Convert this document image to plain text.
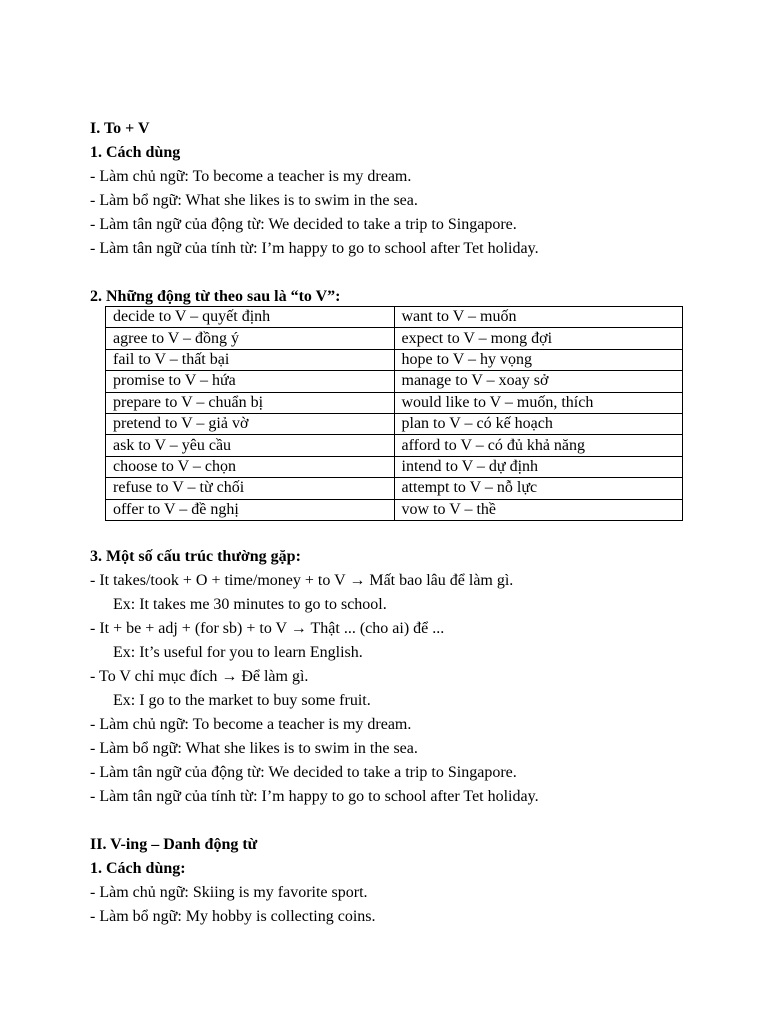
I. To + V
1. Cách dùng
- Làm chủ ngữ: To become a teacher is my dream.
- Làm bổ ngữ: What she likes is to swim in the sea.
- Làm tân ngữ của động từ: We decided to take a trip to Singapore.
- Làm tân ngữ của tính từ: I’m happy to go to school after Tet holiday.
2. Những động từ theo sau là “to V”:
decide to V – quyết định	want to V – muốn
agree to V – đồng ý	expect to V – mong đợi
fail to V – thất bại	hope to V – hy vọng
promise to V – hứa	manage to V – xoay sở
prepare to V – chuẩn bị	would like to V – muốn, thích
pretend to V – giả vờ	plan to V – có kế hoạch
ask to V – yêu cầu	afford to V – có đủ khả năng
choose to V – chọn	intend to V – dự định
refuse to V – từ chối	attempt to V – nỗ lực
offer to V – đề nghị	vow to V – thề
3. Một số cấu trúc thường gặp:
- It takes/took + O + time/money + to V → Mất bao lâu để làm gì.
Ex: It takes me 30 minutes to go to school.
- It + be + adj + (for sb) + to V → Thật ... (cho ai) để ...
Ex: It’s useful for you to learn English.
- To V chỉ mục đích → Để làm gì.
Ex: I go to the market to buy some fruit.
- Làm chủ ngữ: To become a teacher is my dream.
- Làm bổ ngữ: What she likes is to swim in the sea.
- Làm tân ngữ của động từ: We decided to take a trip to Singapore.
- Làm tân ngữ của tính từ: I’m happy to go to school after Tet holiday.
II. V-ing – Danh động từ
1. Cách dùng:
- Làm chủ ngữ: Skiing is my favorite sport.
- Làm bổ ngữ: My hobby is collecting coins.
